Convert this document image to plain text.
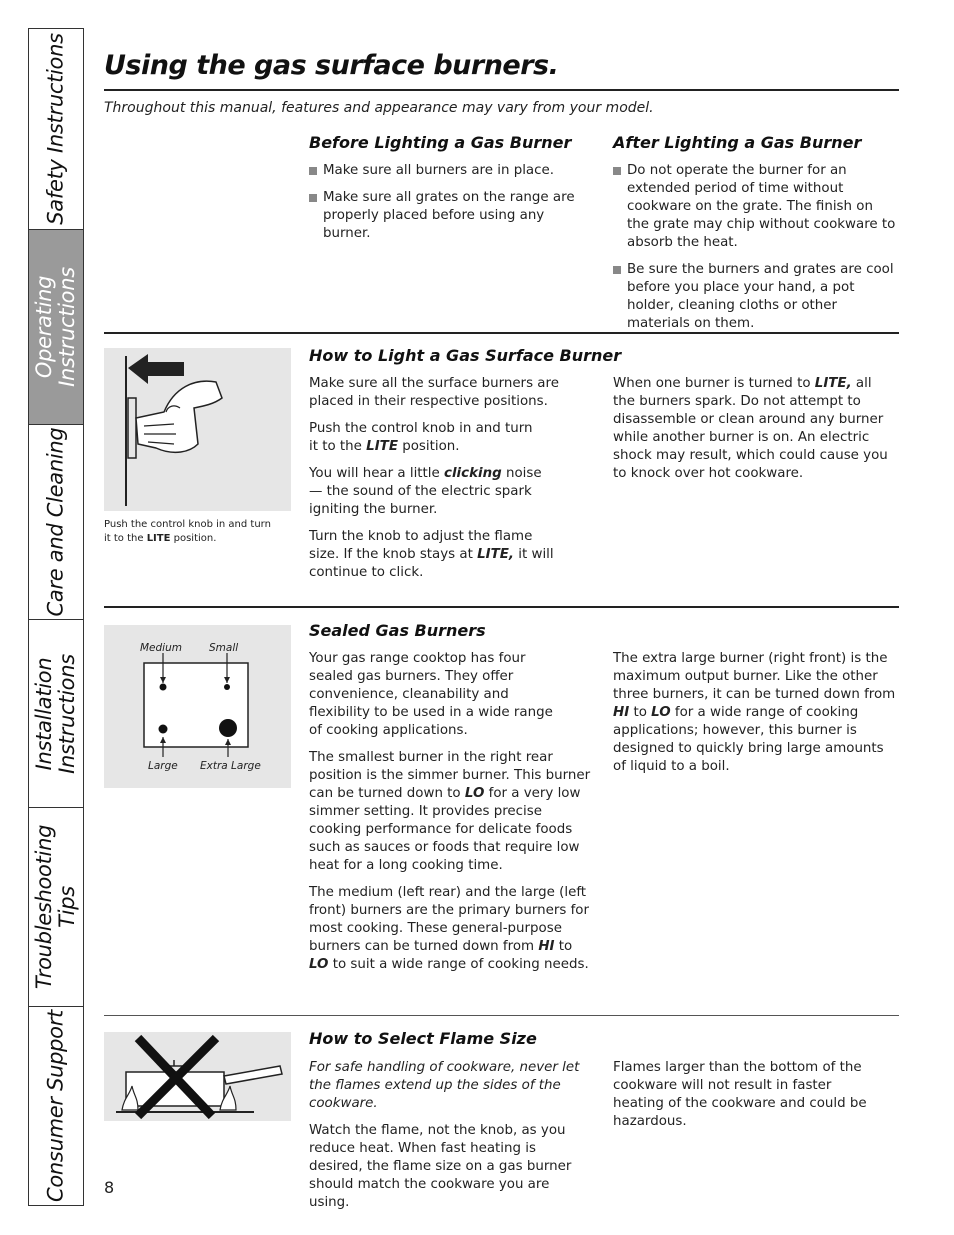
Safety Instructions
Operating
Instructions
Care and Cleaning
Installation
Instructions
Troubleshooting
Tips
Consumer Support
Using the gas surface burners.
Throughout this manual, features and appearance may vary from your model.
Before Lighting a Gas Burner
Make sure all burners are in place.
Make sure all grates on the range are properly placed before using any burner.
After Lighting a Gas Burner
Do not operate the burner for an extended period of time without cookware on the grate. The finish on the grate may chip without cookware to absorb the heat.
Be sure the burners and grates are cool before you place your hand, a pot holder, cleaning cloths or other materials on them.
Push the control knob in and turn it to the LITE position.
How to Light a Gas Surface Burner

Make sure all the surface burners are placed in their respective positions.

Push the control knob in and turn it to the LITE position.

You will hear a little clicking noise— the sound of the electric spark igniting the burner.

Turn the knob to adjust the flame size. If the knob stays at LITE, it will continue to click.

When one burner is turned to LITE, all the burners spark. Do not attempt to disassemble or clean around any burner while another burner is on. An electric shock may result, which could cause you to knock over hot cookware.

Medium	Small
Large Extra Large
Sealed Gas Burners

Your gas range cooktop has four sealed gas burners. They offer convenience, cleanability and flexibility to be used in a wide range of cooking applications.

The smallest burner in the right rear position is the simmer burner. This burner can be turned down to LO for a very low simmer setting. It provides precise cooking performance for delicate foods such as sauces or foods that require low heat for a long cooking time.

The medium (left rear) and the large (left front) burners are the primary burners for most cooking. These general-purpose burners can be turned down from HI to LO to suit a wide range of cooking needs.

The extra large burner (right front) is the maximum output burner. Like the other three burners, it can be turned down from HI to LO for a wide range of cooking applications; however, this burner is designed to quickly bring large amounts of liquid to a boil.

How to Select Flame Size

For safe handling of cookware, never let the flames extend up the sides of the cookware.

Watch the flame, not the knob, as you reduce heat. When fast heating is desired, the flame size on a gas burner should match the cookware you are using.

Flames larger than the bottom of the cookware will not result in faster heating of the cookware and could be hazardous.

8
